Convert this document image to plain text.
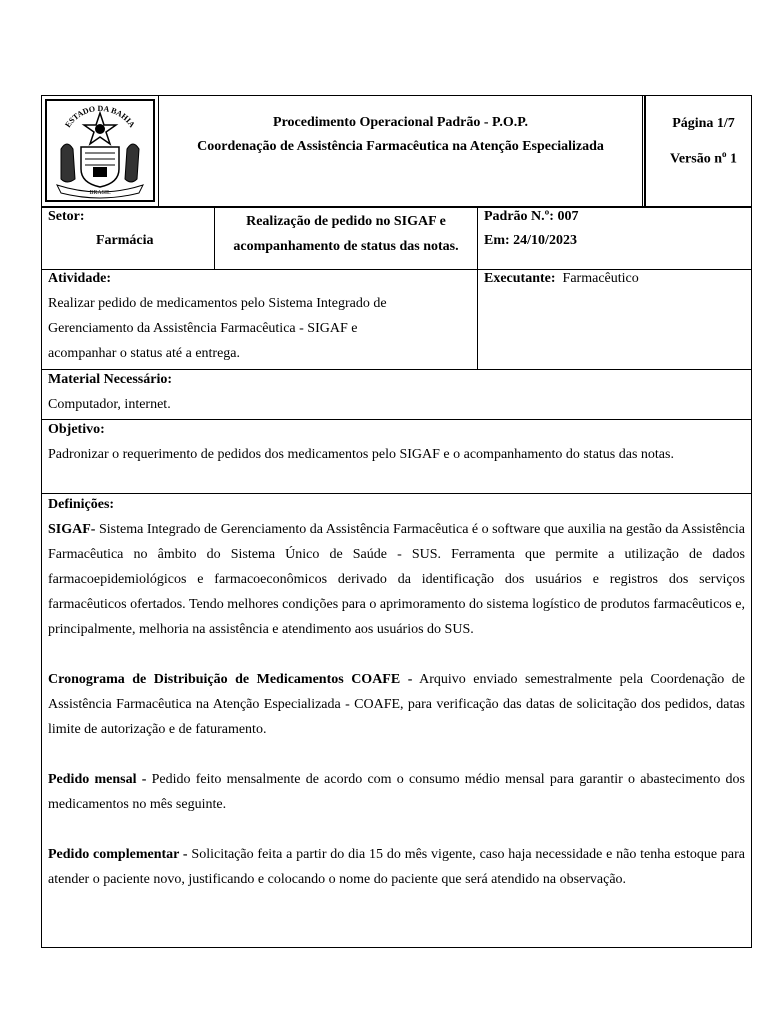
ESTADO DA BAHIA
BRASIL
Procedimento Operacional Padrão - P.O.P.
Coordenação de Assistência Farmacêutica na Atenção Especializada
Página 1/7
Versão $n^o$ 1
Setor:
Farmácia
Realização de pedido no SIGAF e
acompanhamento de status das notas.
Padrão N.º: 007
Em: 24/10/2023
Atividade:
Realizar pedido de medicamentos pelo Sistema Integrado de
Gerenciamento da Assistência Farmacêutica - SIGAF e
acompanhar o status até a entrega.
Executante: Farmacêutico
Material Necessário:
Computador, internet.
Objetivo:
Padronizar o requerimento de pedidos dos medicamentos pelo SIGAF e o acompanhamento do status das notas.
Definições:

SIGAF- Sistema Integrado de Gerenciamento da Assistência Farmacêutica é o software que auxilia na gestão da Assistência Farmacêutica no âmbito do Sistema Único de Saúde - SUS. Ferramenta que permite a utilização de dados farmacoepidemiológicos e farmacoeconômicos derivado da identificação dos usuários e registros dos serviços farmacêuticos ofertados. Tendo melhores condições para o aprimoramento do sistema logístico de produtos farmacêuticos e, principalmente, melhoria na assistência e atendimento aos usuários do SUS.

Cronograma de Distribuição de Medicamentos COAFE - Arquivo enviado semestralmente pela Coordenação de Assistência Farmacêutica na Atenção Especializada - COAFE, para verificação das datas de solicitação dos pedidos, datas limite de autorização e de faturamento.

Pedido mensal - Pedido feito mensalmente de acordo com o consumo médio mensal para garantir o abastecimento dos medicamentos no mês seguinte.

Pedido complementar - Solicitação feita a partir do dia 15 do mês vigente, caso haja necessidade e não tenha estoque para atender o paciente novo, justificando e colocando o nome do paciente que será atendido na observação.
